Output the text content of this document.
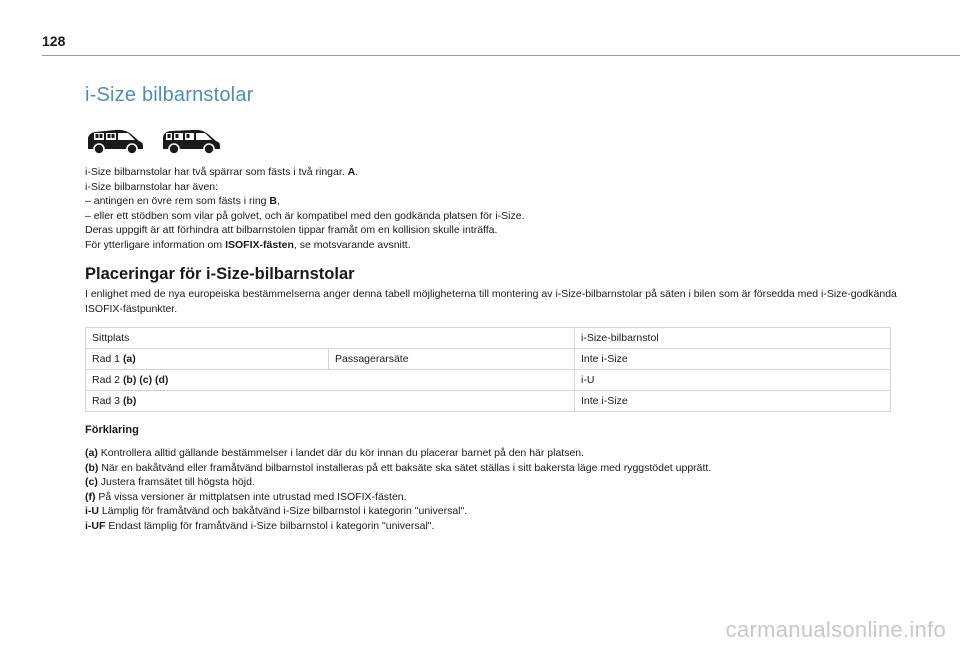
128
i-Size bilbarnstolar

i-Size bilbarnstolar har två spärrar som fästs i två ringar. A.

i-Size bilbarnstolar har även:

– antingen en övre rem som fästs i ring B,

– eller ett stödben som vilar på golvet, och är kompatibel med den godkända platsen för i-Size.

Deras uppgift är att förhindra att bilbarnstolen tippar framåt om en kollision skulle inträffa.

För ytterligare information om ISOFIX-fästen, se motsvarande avsnitt.

Placeringar för i-Size-bilbarnstolar
I enlighet med de nya europeiska bestämmelserna anger denna tabell möjligheterna till montering av i-Size-bilbarnstolar på säten i bilen som är försedda med i-Size-godkända ISOFIX-fästpunkter.
Sittplats		i-Size-bilbarnstol
Rad 1 (a)	Passagerarsäte	Inte i-Size
Rad 2 (b) (c) (d)		i-U
Rad 3 (b)		Inte i-Size
Förklaring

(a) Kontrollera alltid gällande bestämmelser i landet där du kör innan du placerar barnet på den här platsen.

(b) När en bakåtvänd eller framåtvänd bilbarnstol installeras på ett baksäte ska sätet ställas i sitt bakersta läge med ryggstödet upprätt.

(c) Justera framsätet till högsta höjd.

(f) På vissa versioner är mittplatsen inte utrustad med ISOFIX-fästen.

i-U Lämplig för framåtvänd och bakåtvänd i-Size bilbarnstol i kategorin "universal".

i-UF Endast lämplig för framåtvänd i-Size bilbarnstol i kategorin "universal".

carmanualsonline.info
